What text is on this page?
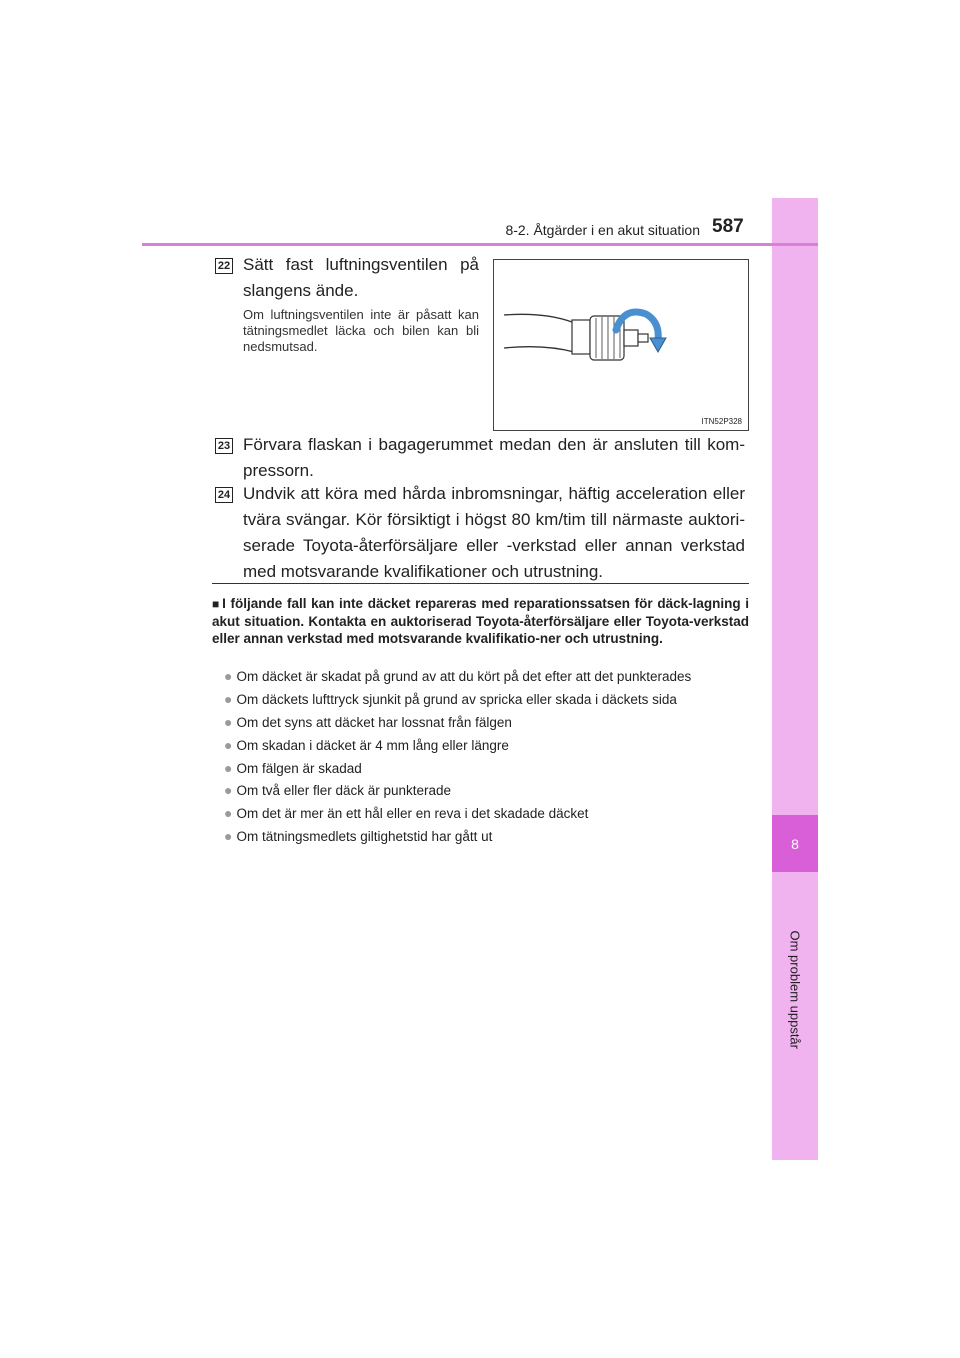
8
Om problem uppstår
8-2. Åtgärder i en akut situation 587
22 Sätt fast luftningsventilen på slangens ände.
Om luftningsventilen inte är påsatt kan tätningsmedlet läcka och bilen kan bli nedsmutsad.
ITN52P328
23 Förvara flaskan i bagagerummet medan den är ansluten till kom-pressorn.
24 Undvik att köra med hårda inbromsningar, häftig acceleration eller tvära svängar. Kör försiktigt i högst 80 km/tim till närmaste auktori-serade Toyota-återförsäljare eller -verkstad eller annan verkstad med motsvarande kvalifikationer och utrustning.
■ I följande fall kan inte däcket repareras med reparationssatsen för däck-lagning i akut situation. Kontakta en auktoriserad Toyota-återförsäljare eller Toyota-verkstad eller annan verkstad med motsvarande kvalifikatio-ner och utrustning.
● Om däcket är skadat på grund av att du kört på det efter att det punkterades
● Om däckets lufttryck sjunkit på grund av spricka eller skada i däckets sida
● Om det syns att däcket har lossnat från fälgen
● Om skadan i däcket är 4 mm lång eller längre
● Om fälgen är skadad
● Om två eller fler däck är punkterade
● Om det är mer än ett hål eller en reva i det skadade däcket
● Om tätningsmedlets giltighetstid har gått ut
